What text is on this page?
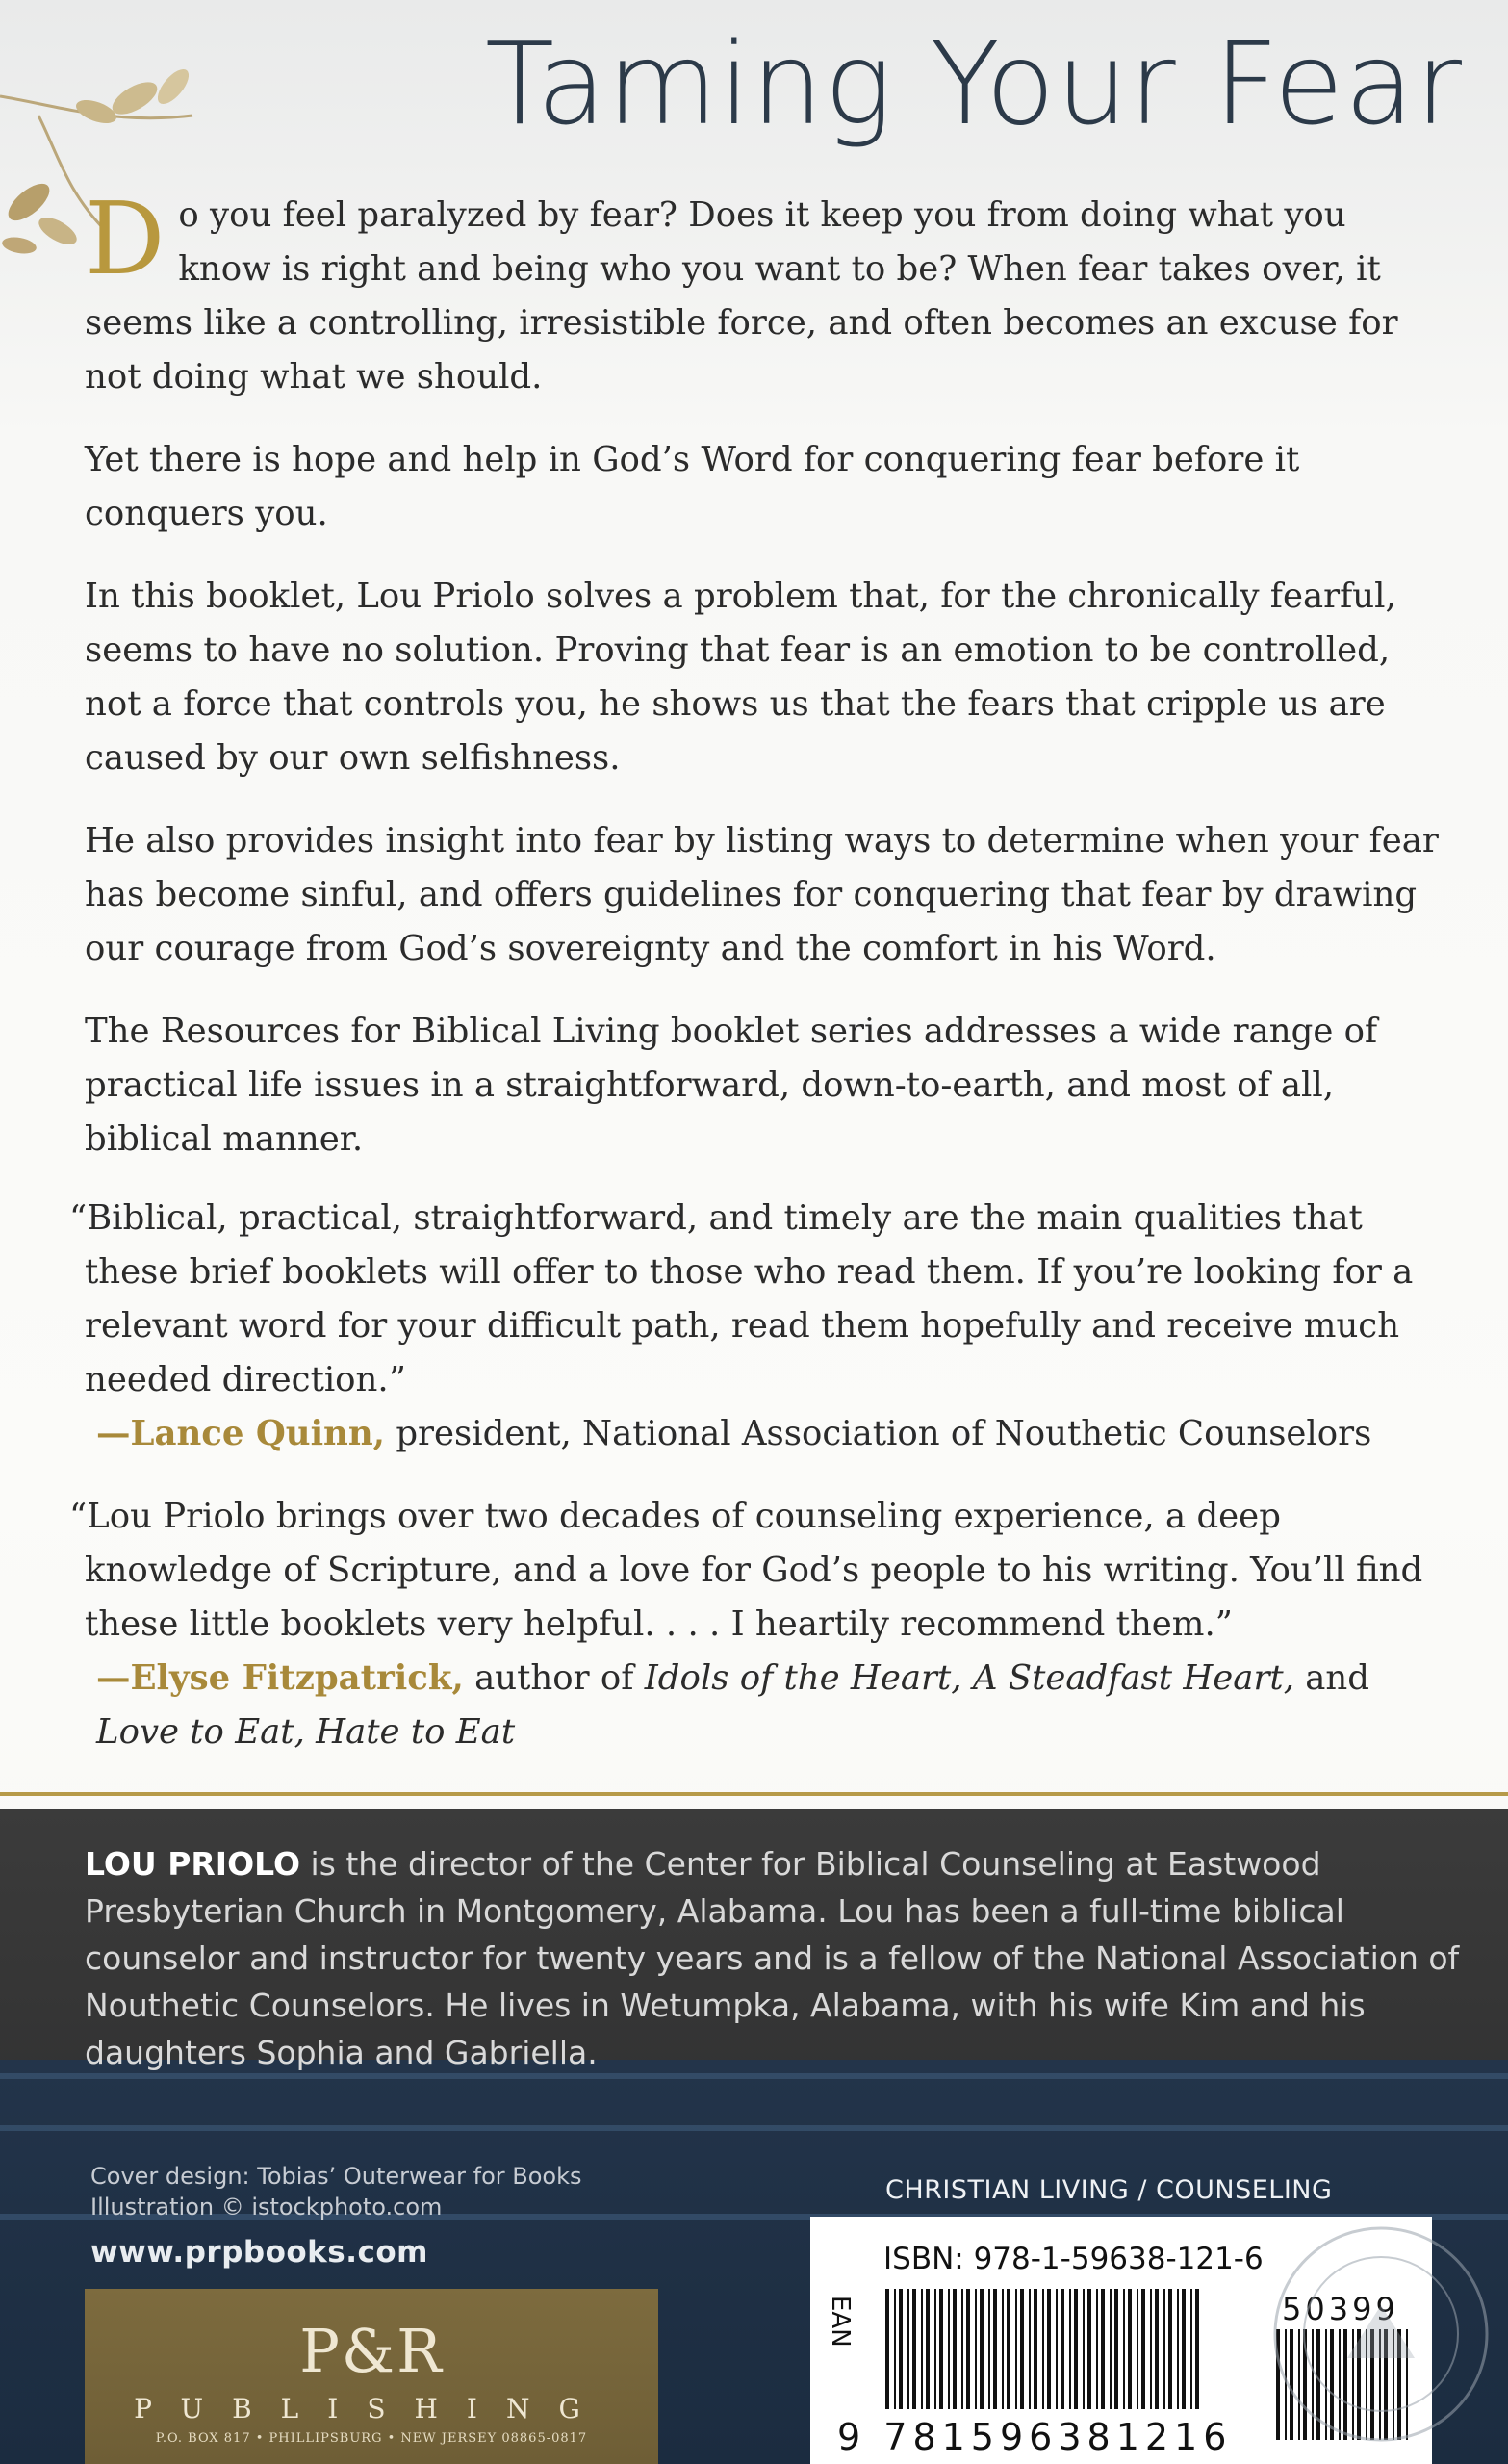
Taming Your Fear

Do you feel paralyzed by fear? Does it keep you from doing what you know is right and being who you want to be? When fear takes over, it seems like a controlling, irresistible force, and often becomes an excuse for not doing what we should.

Yet there is hope and help in God’s Word for conquering fear before it conquers you.

In this booklet, Lou Priolo solves a problem that, for the chronically fearful, seems to have no solution. Proving that fear is an emotion to be controlled, not a force that controls you, he shows us that the fears that cripple us are caused by our own selfishness.

He also provides insight into fear by listing ways to determine when your fear has become sinful, and offers guidelines for conquering that fear by drawing our courage from God’s sovereignty and the comfort in his Word.

The Resources for Biblical Living booklet series addresses a wide range of practical life issues in a straightforward, down-to-earth, and most of all, biblical manner.

“Biblical, practical, straightforward, and timely are the main qualities that these brief booklets will offer to those who read them. If you’re looking for a relevant word for your difficult path, read them hopefully and receive much needed direction.”
—Lance Quinn, president, National Association of Nouthetic Counselors
“Lou Priolo brings over two decades of counseling experience, a deep knowledge of Scripture, and a love for God’s people to his writing. You’ll find these little booklets very helpful. . . . I heartily recommend them.”
—Elyse Fitzpatrick, author of Idols of the Heart, A Steadfast Heart, and Love to Eat, Hate to Eat
LOU PRIOLO is the director of the Center for Biblical Counseling at Eastwood Presbyterian Church in Montgomery, Alabama. Lou has been a full-time biblical counselor and instructor for twenty years and is a fellow of the National Association of Nouthetic Counselors. He lives in Wetumpka, Alabama, with his wife Kim and his daughters Sophia and Gabriella.
Cover design: Tobias’ Outerwear for Books
Illustration © istockphoto.com
www.prpbooks.com
P&R
PUBLISHING
P.O. BOX 817 • PHILLIPSBURG • NEW JERSEY 08865-0817
CHRISTIAN LIVING / COUNSELING
ISBN: 978-1-59638-121-6
EAN
9 781596381216
50399
